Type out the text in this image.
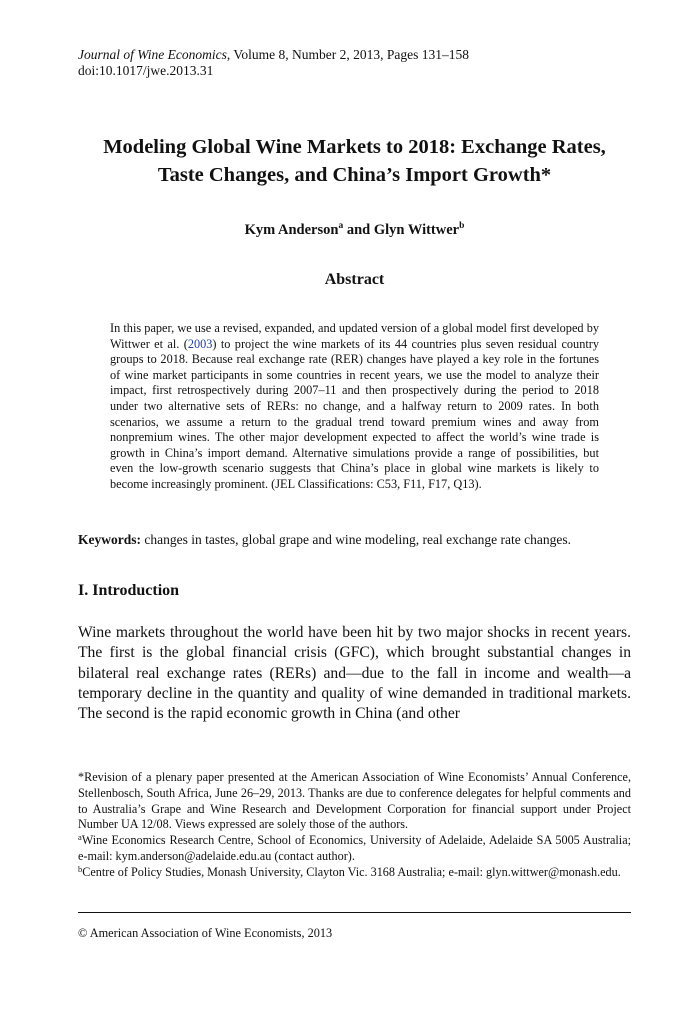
Journal of Wine Economics, Volume 8, Number 2, 2013, Pages 131–158
doi:10.1017/jwe.2013.31
Modeling Global Wine Markets to 2018: Exchange Rates,
Taste Changes, and China’s Import Growth*
Kym Anderson$^a$ and Glyn Wittwer$^b$
Abstract
In this paper, we use a revised, expanded, and updated version of a global model first developed by Wittwer et al. (2003) to project the wine markets of its 44 countries plus seven residual country groups to 2018. Because real exchange rate (RER) changes have played a key role in the fortunes of wine market participants in some countries in recent years, we use the model to analyze their impact, first retrospectively during 2007–11 and then prospectively during the period to 2018 under two alternative sets of RERs: no change, and a halfway return to 2009 rates. In both scenarios, we assume a return to the gradual trend toward premium wines and away from nonpremium wines. The other major development expected to affect the world’s wine trade is growth in China’s import demand. Alternative simulations provide a range of possibilities, but even the low-growth scenario suggests that China’s place in global wine markets is likely to become increasingly prominent. (JEL Classifications: C53, F11, F17, Q13).
Keywords: changes in tastes, global grape and wine modeling, real exchange rate changes.
I. Introduction
Wine markets throughout the world have been hit by two major shocks in recent years. The first is the global financial crisis (GFC), which brought substantial changes in bilateral real exchange rates (RERs) and—due to the fall in income and wealth—a temporary decline in the quantity and quality of wine demanded in traditional markets. The second is the rapid economic growth in China (and other

*Revision of a plenary paper presented at the American Association of Wine Economists’ Annual Conference, Stellenbosch, South Africa, June 26–29, 2013. Thanks are due to conference delegates for helpful comments and to Australia’s Grape and Wine Research and Development Corporation for financial support under Project Number UA 12/08. Views expressed are solely those of the authors.

$^a$Wine Economics Research Centre, School of Economics, University of Adelaide, Adelaide SA 5005 Australia; e-mail: kym.anderson@adelaide.edu.au (contact author).

$^b$Centre of Policy Studies, Monash University, Clayton Vic. 3168 Australia; e-mail: glyn.wittwer@monash.edu.

© American Association of Wine Economists, 2013
